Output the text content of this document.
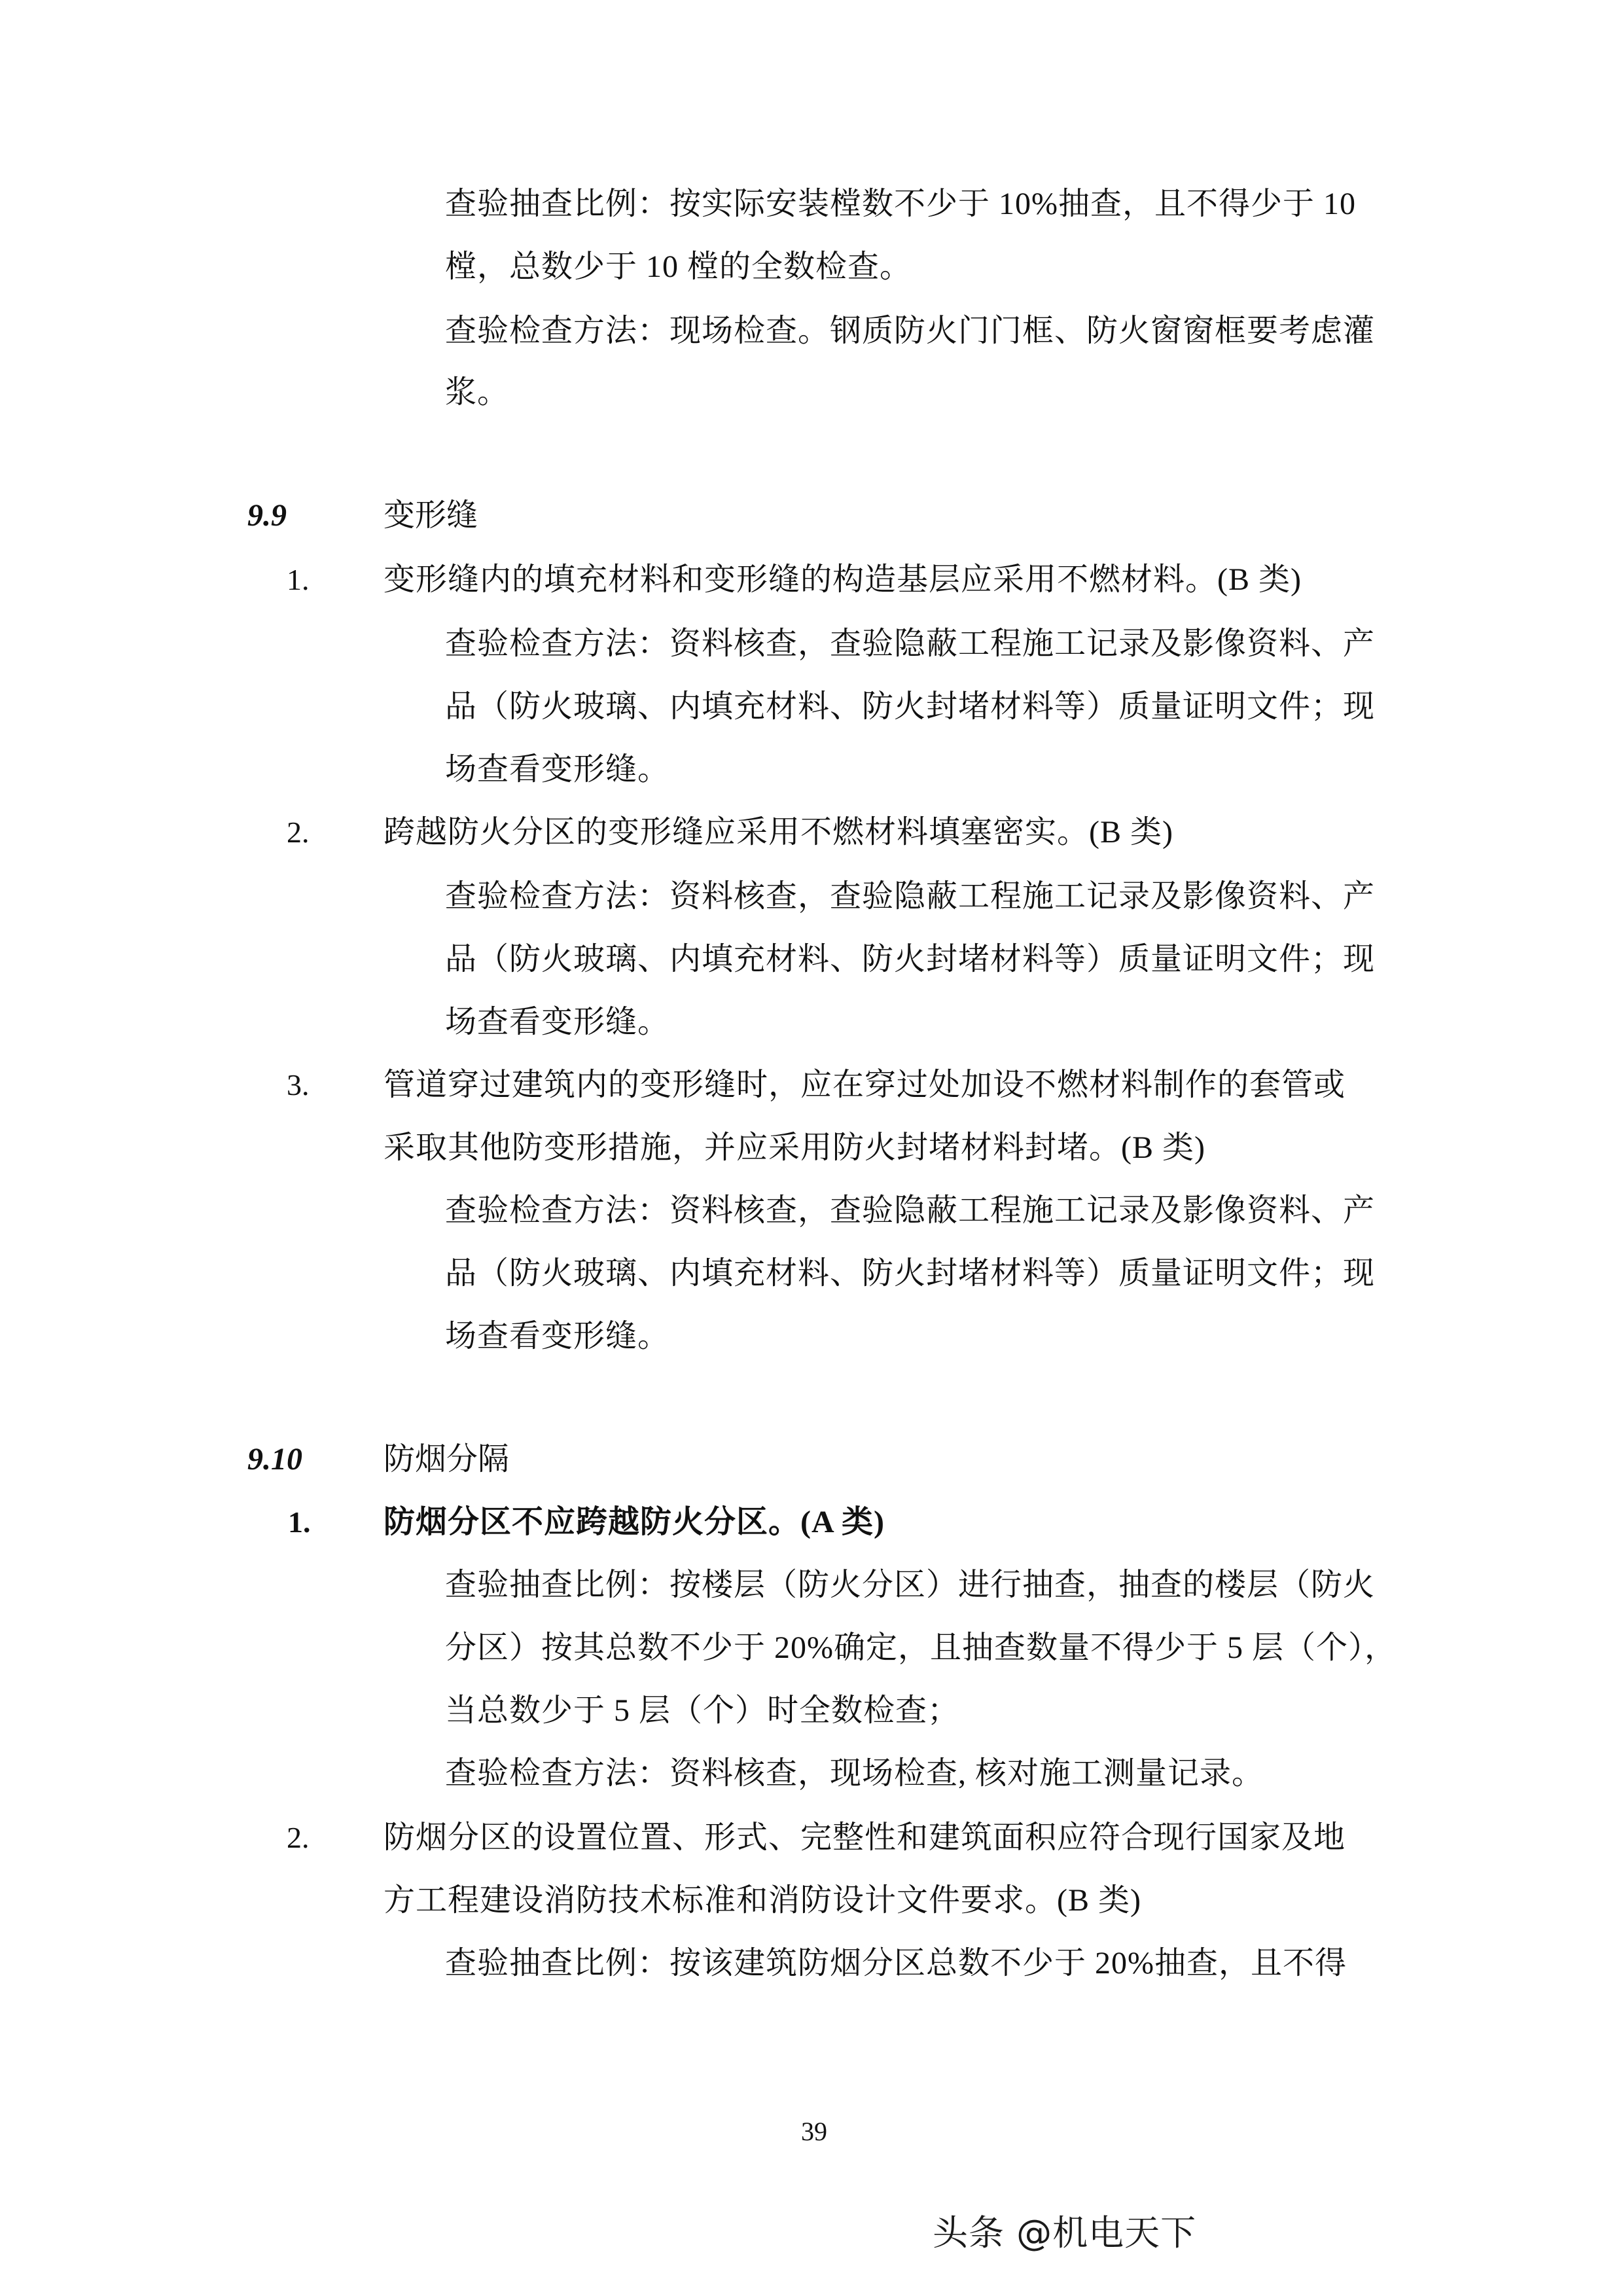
查验抽查比例：按实际安装樘数不少于 10%抽查，且不得少于 10
樘，总数少于 10 樘的全数检查。
查验检查方法：现场检查。钢质防火门门框、防火窗窗框要考虑灌
浆。
9.9	变形缝
1. 变形缝内的填充材料和变形缝的构造基层应采用不燃材料。(B 类)
查验检查方法：资料核查，查验隐蔽工程施工记录及影像资料、产
品（防火玻璃、内填充材料、防火封堵材料等）质量证明文件；现
场查看变形缝。
2. 跨越防火分区的变形缝应采用不燃材料填塞密实。(B 类)
查验检查方法：资料核查，查验隐蔽工程施工记录及影像资料、产
品（防火玻璃、内填充材料、防火封堵材料等）质量证明文件；现
场查看变形缝。
3. 管道穿过建筑内的变形缝时，应在穿过处加设不燃材料制作的套管或
采取其他防变形措施，并应采用防火封堵材料封堵。(B 类)
查验检查方法：资料核查，查验隐蔽工程施工记录及影像资料、产
品（防火玻璃、内填充材料、防火封堵材料等）质量证明文件；现
场查看变形缝。
9.10	防烟分隔
1. 防烟分区不应跨越防火分区。(A 类)
查验抽查比例：按楼层（防火分区）进行抽查，抽查的楼层（防火
分区）按其总数不少于 20%确定，且抽查数量不得少于 5 层（个），
当总数少于 5 层（个）时全数检查；
查验检查方法：资料核查，现场检查, 核对施工测量记录。
2. 防烟分区的设置位置、形式、完整性和建筑面积应符合现行国家及地
方工程建设消防技术标准和消防设计文件要求。(B 类)
查验抽查比例：按该建筑防烟分区总数不少于 20%抽查，且不得
39
头条 @机电天下
